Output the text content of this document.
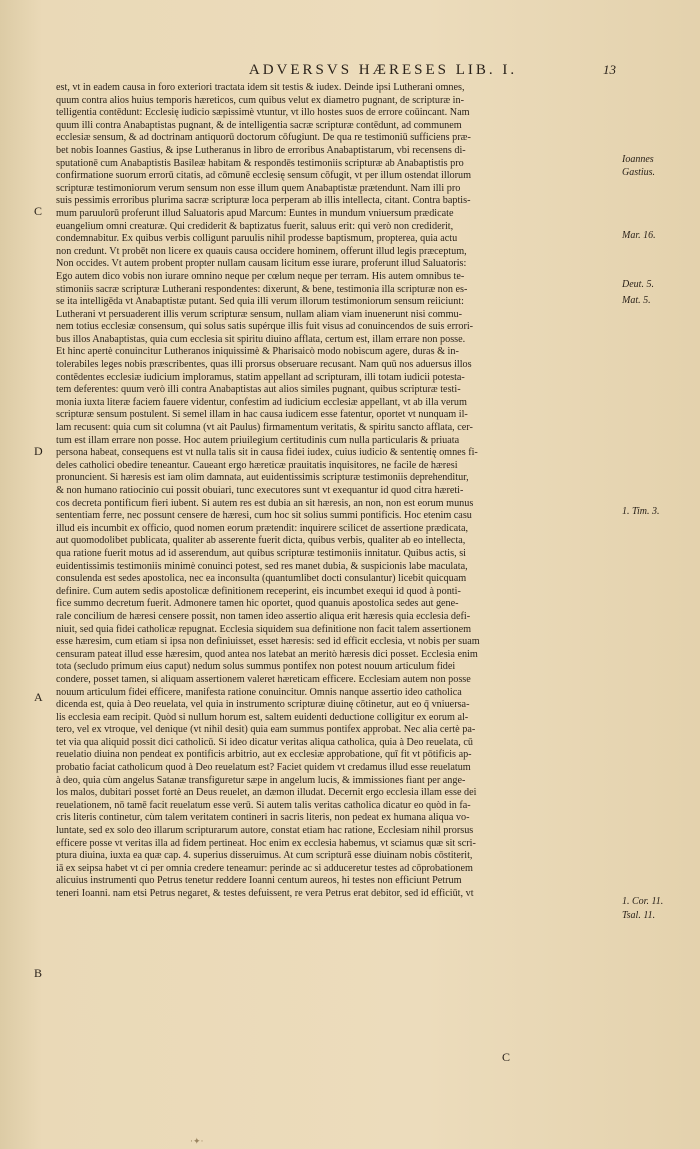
ADVERSVS HÆRESES LIB. I.	13
est, vt in eadem causa in foro exteriori tractata idem sit testis & iudex. Deinde ipsi Lutherani omnes,
quum contra alios huius temporis hæreticos, cum quibus velut ex diametro pugnant, de scripturæ in-
telligentia contēdunt: Ecclesię iudicio sæpissimè vtuntur, vt illo hostes suos de errore coūincant. Nam
quum illi contra Anabaptistas pugnant, & de intelligentia sacræ scripturæ contēdunt, ad communem
ecclesiæ sensum, & ad doctrinam antiquorū doctorum cōfugiunt. De qua re testimoniū sufficiens præ-
bet nobis Ioannes Gastius, & ipse Lutheranus in libro de erroribus Anabaptistarum, vbi recensens di-
sputationē cum Anabaptistis Basileæ habitam & respondēs testimoniis scripturæ ab Anabaptistis pro
confirmatione suorum errorū citatis, ad cōmunē ecclesię sensum cōfugit, vt per illum ostendat illorum
scripturæ testimoniorum verum sensum non esse illum quem Anabaptistæ prætendunt. Nam illi pro
suis pessimis erroribus plurima sacræ scripturæ loca perperam ab illis intellecta, citant. Contra baptis-
mum paruulorū proferunt illud Saluatoris apud Marcum: Euntes in mundum vniuersum prædicate
euangelium omni creaturæ. Qui crediderit & baptizatus fuerit, saluus erit: qui verò non crediderit,
condemnabitur. Ex quibus verbis colligunt paruulis nihil prodesse baptismum, propterea, quia actu
non credunt. Vt probēt non licere ex quauis causa occidere hominem, offerunt illud legis præceptum,
Non occides. Vt autem probent propter nullam causam licitum esse iurare, proferunt illud Saluatoris:
Ego autem dico vobis non iurare omnino neque per cœlum neque per terram. His autem omnibus te-
stimoniis sacræ scripturæ Lutherani respondentes: dixerunt, & bene, testimonia illa scripturæ non es-
se ita intelligēda vt Anabaptistæ putant. Sed quia illi verum illorum testimoniorum sensum reiiciunt:
Lutherani vt persuaderent illis verum scripturæ sensum, nullam aliam viam inuenerunt nisi commu-
nem totius ecclesiæ consensum, qui solus satis supérque illis fuit visus ad conuincendos de suis errori-
bus illos Anabaptistas, quia cum ecclesia sit spiritu diuino afflata, certum est, illam errare non posse.
Et hinc apertè conuincitur Lutheranos iniquissimè & Pharisaicò modo nobiscum agere, duras & in-
tolerabiles leges nobis præscribentes, quas illi prorsus obseruare recusant. Nam quū nos aduersus illos
contēdentes ecclesiæ iudicium imploramus, statim appellant ad scripturam, illi totam iudicii potesta-
tem deferentes: quum verò illi contra Anabaptistas aut alios similes pugnant, quibus scripturæ testi-
monia iuxta literæ faciem fauere videntur, confestim ad iudicium ecclesiæ appellant, vt ab illa verum
scripturæ sensum postulent. Si semel illam in hac causa iudicem esse fatentur, oportet vt nunquam il-
lam recusent: quia cum sit columna (vt ait Paulus) firmamentum veritatis, & spiritu sancto afflata, cer-
tum est illam errare non posse. Hoc autem priuilegium certitudinis cum nulla particularis & priuata
persona habeat, consequens est vt nulla talis sit in causa fidei iudex, cuius iudicio & sententię omnes fi-
deles catholici obedire teneantur. Caueant ergo hæreticæ prauitatis inquisitores, ne facile de hæresi
pronuncient. Si hæresis est iam olim damnata, aut euidentissimis scripturæ testimoniis deprehenditur,
& non humano ratiocinio cui possit obuiari, tunc executores sunt vt exequantur id quod citra hæreti-
cos decreta pontificum fieri iubent. Si autem res est dubia an sit hæresis, an non, non est eorum munus
sententiam ferre, nec possunt censere de hæresi, cum hoc sit solius summi pontificis. Hoc etenim casu
illud eis incumbit ex officio, quod nomen eorum prætendit: inquirere scilicet de assertione prædicata,
aut quomodolibet publicata, qualiter ab asserente fuerit dicta, quibus verbis, qualiter ab eo intellecta,
qua ratione fuerit motus ad id asserendum, aut quibus scripturæ testimoniis innitatur. Quibus actis, si
euidentissimis testimoniis minimè conuinci potest, sed res manet dubia, & suspicionis labe maculata,
consulenda est sedes apostolica, nec ea inconsulta (quantumlibet docti consulantur) licebit quicquam
definire. Cum autem sedis apostolicæ definitionem receperint, eis incumbet exequi id quod à ponti-
fice summo decretum fuerit. Admonere tamen hic oportet, quod quanuis apostolica sedes aut gene-
rale concilium de hæresi censere possit, non tamen ideo assertio aliqua erit hæresis quia ecclesia defi-
niuit, sed quia fidei catholicæ repugnat. Ecclesia siquidem sua definitione non facit talem assertionem
esse hæresim, cum etiam si ipsa non definiuisset, esset hæresis: sed id efficit ecclesia, vt nobis per suam
censuram pateat illud esse hæresim, quod antea nos latebat an meritò hæresis dici posset. Ecclesia enim
tota (secludo primum eius caput) nedum solus summus pontifex non potest nouum articulum fidei
condere, posset tamen, si aliquam assertionem valeret hæreticam efficere. Ecclesiam autem non posse
nouum articulum fidei efficere, manifesta ratione conuincitur. Omnis nanque assertio ideo catholica
dicenda est, quia à Deo reuelata, vel quia in instrumento scripturæ diuinę cōtinetur, aut eo q̄ vniuersa-
lis ecclesia eam recipit. Quòd si nullum horum est, saltem euidenti deductione colligitur ex eorum al-
tero, vel ex vtroque, vel denique (vt nihil desit) quia eam summus pontifex approbat. Nec alia certè pa-
tet via qua aliquid possit dici catholicū. Si ideo dicatur veritas aliqua catholica, quia à Deo reuelata, cū
reuelatio diuina non pendeat ex pontificis arbitrio, aut ex ecclesiæ approbatione, quī fit vt pōtificis ap-
probatio faciat catholicum quod à Deo reuelatum est? Faciet quidem vt credamus illud esse reuelatum
à deo, quia cùm angelus Satanæ transfiguretur sæpe in angelum lucis, & immissiones fiant per ange-
los malos, dubitari posset fortè an Deus reuelet, an dæmon illudat. Decernit ergo ecclesia illam esse dei
reuelationem, nō tamē facit reuelatum esse verū. Si autem talis veritas catholica dicatur eo quòd in fa-
cris literis continetur, cùm talem veritatem contineri in sacris literis, non pedeat ex humana aliqua vo-
luntate, sed ex solo deo illarum scripturarum autore, constat etiam hac ratione, Ecclesiam nihil prorsus
efficere posse vt veritas illa ad fidem pertineat. Hoc enim ex ecclesia habemus, vt sciamus quæ sit scri-
ptura diuina, iuxta ea quæ cap. 4. superius disseruimus. At cum scripturā esse diuinam nobis cōstiterit,
iā ex seipsa habet vt ci per omnia credere teneamur: perinde ac si adduceretur testes ad cōprobationem
alicuius instrumenti quo Petrus tenetur reddere Ioanni centum aureos, hi testes non efficiunt Petrum
teneri Ioanni. nam etsi Petrus negaret, & testes defuissent, re vera Petrus erat debitor, sed id efficiūt, vt
Ioannes
Gastius.
Mar. 16.
Deut. 5.
Mat. 5.
1. Tim. 3.
1. Cor. 11.
Tsal. 11.
C
D
A
B
C
·✦·
